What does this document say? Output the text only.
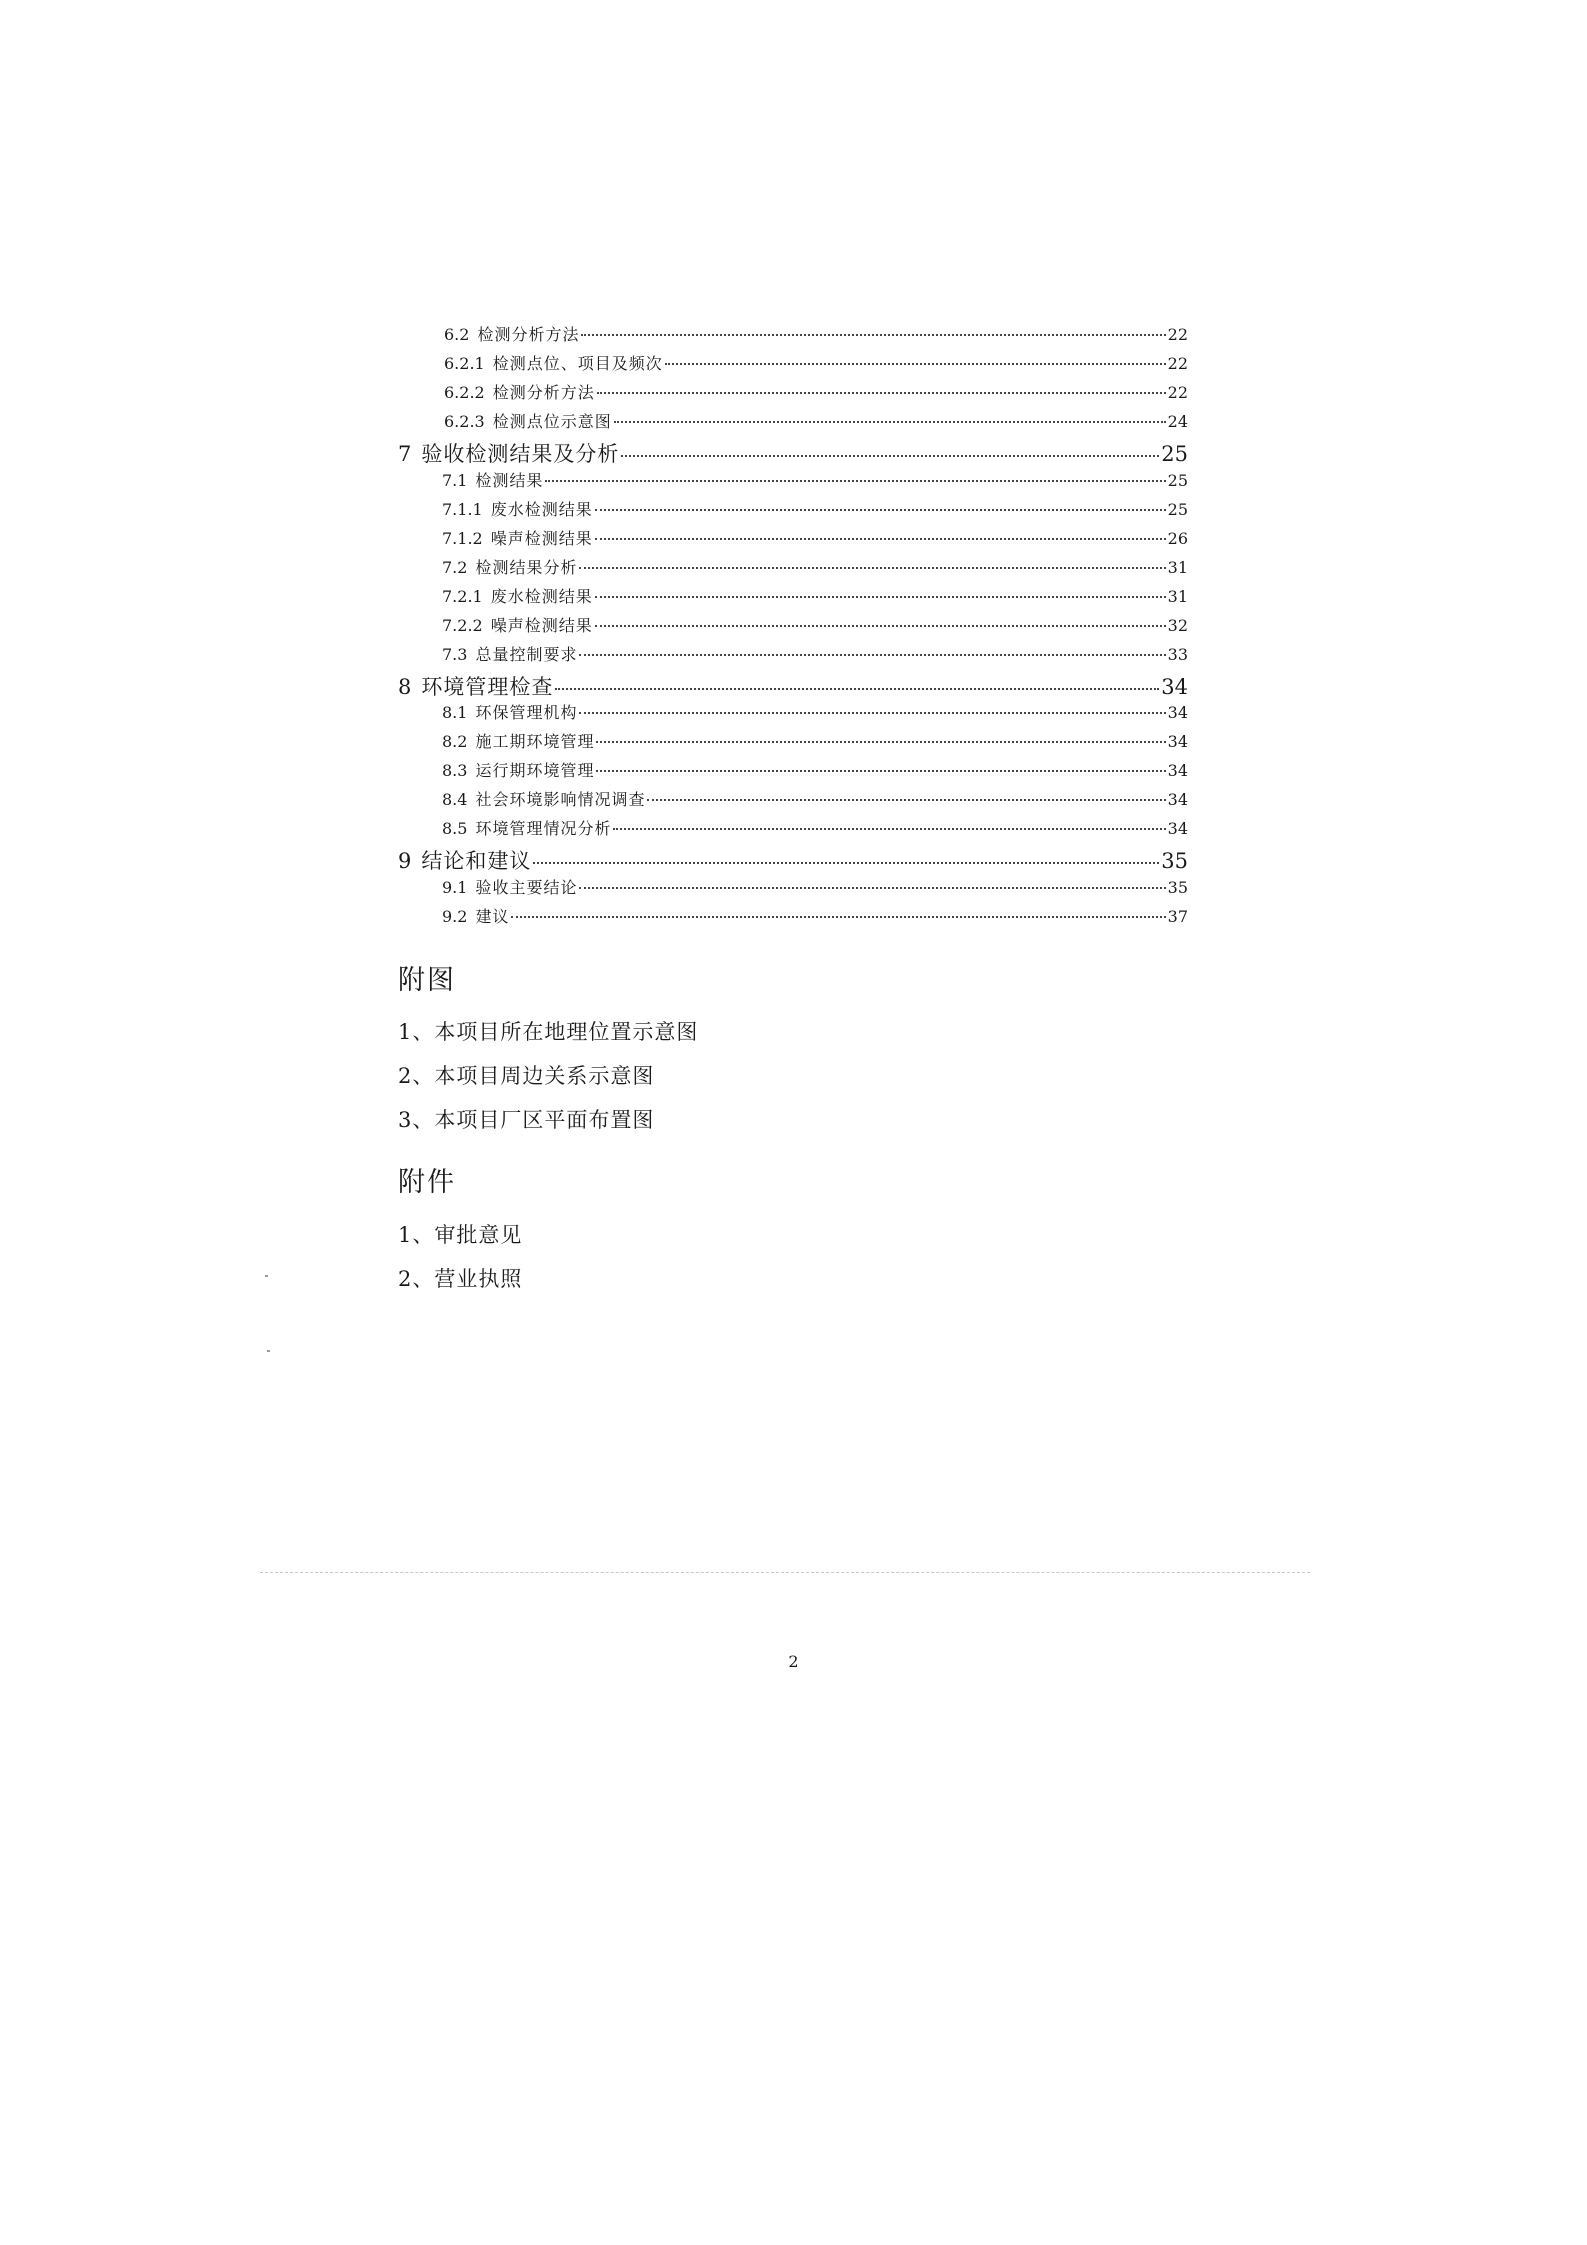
6.2 检测分析方法	22
6.2.1 检测点位、项目及频次	22
6.2.2 检测分析方法	22
6.2.3 检测点位示意图	24
7 验收检测结果及分析	25
7.1 检测结果	25
7.1.1 废水检测结果	25
7.1.2 噪声检测结果	26
7.2 检测结果分析	31
7.2.1 废水检测结果	31
7.2.2 噪声检测结果	32
7.3 总量控制要求	33
8 环境管理检查	34
8.1 环保管理机构	34
8.2 施工期环境管理	34
8.3 运行期环境管理	34
8.4 社会环境影响情况调查	34
8.5 环境管理情况分析	34
9 结论和建议	35
9.1 验收主要结论	35
9.2 建议	37
附图
1、本项目所在地理位置示意图
2、本项目周边关系示意图
3、本项目厂区平面布置图
附件
1、审批意见
2、营业执照
2
